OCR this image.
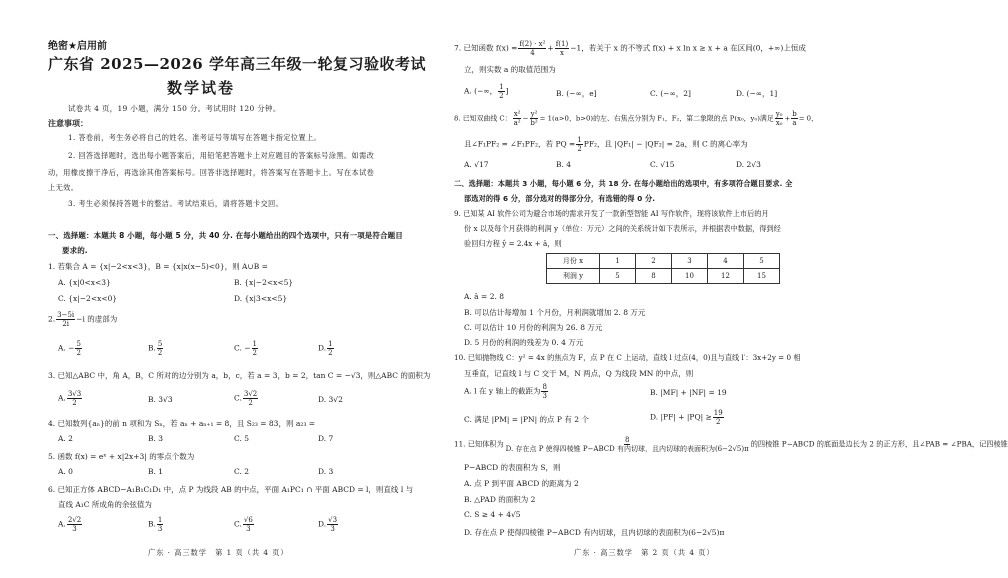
绝密★启用前
广东省 2025—2026 学年高三年级一轮复习验收考试
数学试卷
试卷共 4 页，19 小题，满分 150 分。考试用时 120 分钟。
注意事项：
1. 答卷前，考生务必将自己的姓名、准考证号等填写在答题卡指定位置上。
2. 回答选择题时，选出每小题答案后，用铅笔把答题卡上对应题目的答案标号涂黑。如需改
动，用橡皮擦干净后，再选涂其他答案标号。回答非选择题时，将答案写在答题卡上。写在本试卷
上无效。
3. 考生必须保持答题卡的整洁。考试结束后，请将答题卡交回。
一、选择题：本题共 8 小题，每小题 5 分，共 40 分. 在每小题给出的四个选项中，只有一项是符合题目
要求的.
1. 若集合 A = {x|−2<x<3}，B = {x|x(x−5)<0}，则 A∪B =
A. {x|0<x<3}	B. {x|−2<x<5}
C. {x|−2<x<0}	D. {x|3<x<5}
2. $\frac{3-5i}{2i} -i$ 的虚部为
A. − $\frac{5}{2}$	B. $\frac{5}{2}$	C. − $\frac{1}{2}$	D. $\frac{1}{2}$
3. 已知△ABC 中，角 A，B，C 所对的边分别为 a，b，c，若 a = 3，b = 2，tan C = −√3，则△ABC 的面积为
A. $\frac{3√3}{2}$	B. 3√3	C. $\frac{3√2}{2}$	D. 3√2
4. 已知数列{aₙ}的前 n 项和为 Sₙ，若 aₙ + aₙ₊₁ = 8，且 S₂₃ = 83，则 a₂₃ =
A. 2	B. 3	C. 5	D. 7
5. 函数 f(x) = eˣ + x|2x+3| 的零点个数为
A. 0	B. 1	C. 2	D. 3
6. 已知正方体 ABCD−A₁B₁C₁D₁ 中，点 P 为线段 AB 的中点，平面 A₁PC₁ ∩ 平面 ABCD = l，则直线 l 与
直线 A₁C 所成角的余弦值为
A. $\frac{2√2}{3}$	B. $\frac{1}{3}$	C. $\frac{√6}{3}$	D. $\frac{√3}{3}$
广东 · 高三数学　第 1 页（共 4 页）
7. 已知函数 $f(x) = \frac{\text{f(2) · x²}}{4} + \frac{f(1)}{x} -1$，若关于 x 的不等式 f(x) + x ln x ≥ x + a 在区间(0，+∞)上恒成
立，则实数 a 的取值范围为
A. (−∞， $\frac{1}{2}$ ]	B. (−∞，e]	C. (−∞，2]	D. (−∞，1]
8. 已知双曲线 C： $\frac{\text{x²}}{\text{a²}} - \frac{\text{y²}}{\text{b²}} = 1(a>0$，b>0)的左、右焦点分别为 F₁，F₂，第二象限的点 P(x₀，y₀)满足 $\frac{\text{y₀}}{\text{x₀}} + \frac{b}{a} = 0$，
且∠F₁PF₂ = ∠F₁PF₂，若 PQ = $\frac{1}{2} PF_2$，且 |QF₁| − |QF₂| = 2a，则 C 的离心率为
A. √17	B. 4	C. √15	D. 2√3
二、选择题：本题共 3 小题，每小题 6 分，共 18 分. 在每小题给出的选项中，有多项符合题目要求. 全
部选对的得 6 分，部分选对的得部分分，有选错的得 0 分.
9. 已知某 AI 软件公司为避合市场的需求开发了一款新型智能 AI 写作软件，现将该软件上市后的月
份 x 以及每个月获得的利润 y（单位：万元）之间的关系统计如下表所示，并根据表中数据，得到经
验回归方程 ŷ = 2.4x + â，则
月份 x	1	2	3	4	5
利润 y	5	8	10	12	15
A. â = 2. 8
B. 可以估计每增加 1 个月份，月利润就增加 2. 8 万元
C. 可以估计 10 月份的利润为 26. 8 万元
D. 5 月份的利润的残差为 0. 4 万元
10. 已知抛物线 C：y² = 4x 的焦点为 F，点 P 在 C 上运动，直线 l 过点(4，0)且与直线 l′：3x+2y = 0 相
互垂直，记直线 l 与 C 交于 M，N 两点，Q 为线段 MN 的中点，则
A. l 在 y 轴上的截距为 $\frac{8}{3}$	B. |MF| + |NF| = 19
C. 满足 |PM| = |PN| 的点 P 有 2 个	D. $|PF| + |PQ| \ge \frac{19}{2}$
11. 已知体积为 $\frac{8}{\text{D. 存在点 P 使得四棱锥 P−ABCD 有内切球，且内切球的表面积为(6−2√5)π}}$ 的四棱锥 P−ABCD 的底面是边长为 2 的正方形，且∠PAB = ∠PBA，记四棱锥
P−ABCD 的表面积为 S，则
A. 点 P 到平面 ABCD 的距离为 2
B. △PAD 的面积为 2
C. S ≥ 4 + 4√5
D. 存在点 P 使得四棱锥 P−ABCD 有内切球，且内切球的表面积为(6−2√5)π
广东 · 高三数学　第 2 页（共 4 页）
